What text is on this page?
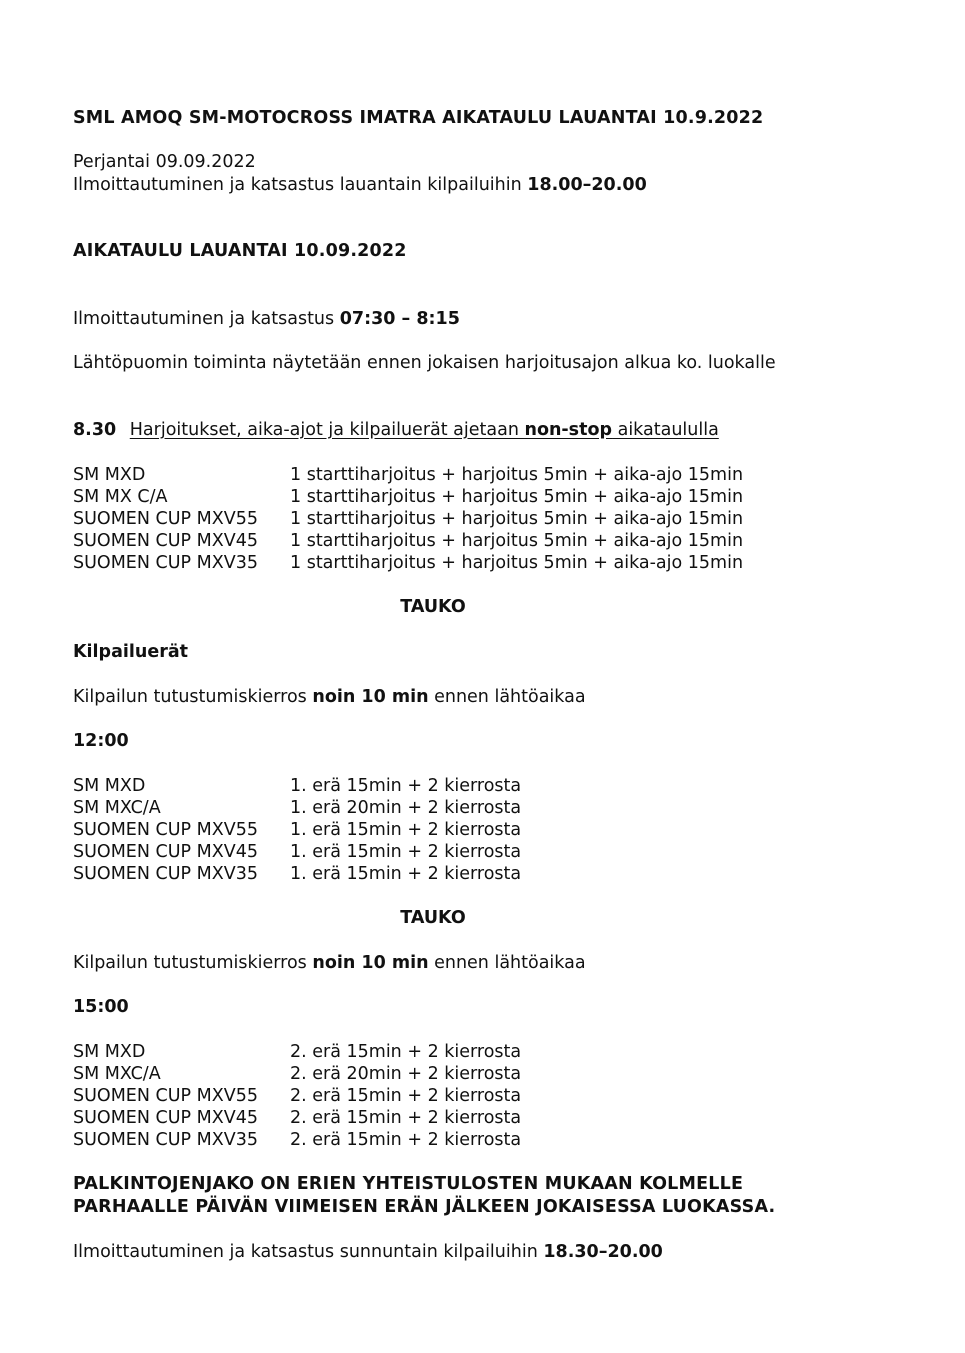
SML AMOQ SM-MOTOCROSS IMATRA AIKATAULU LAUANTAI 10.9.2022
Perjantai 09.09.2022
Ilmoittautuminen ja katsastus lauantain kilpailuihin 18.00–20.00
AIKATAULU LAUANTAI 10.09.2022
Ilmoittautuminen ja katsastus 07:30 – 8:15
Lähtöpuomin toiminta näytetään ennen jokaisen harjoitusajon alkua ko. luokalle
8.30 Harjoitukset, aika-ajot ja kilpailuerät ajetaan non-stop aikataululla
SM MXD	1 starttiharjoitus + harjoitus 5min + aika-ajo 15min
SM MX C/A	1 starttiharjoitus + harjoitus 5min + aika-ajo 15min
SUOMEN CUP MXV55 1 starttiharjoitus + harjoitus 5min + aika-ajo 15min
SUOMEN CUP MXV45 1 starttiharjoitus + harjoitus 5min + aika-ajo 15min
SUOMEN CUP MXV35 1 starttiharjoitus + harjoitus 5min + aika-ajo 15min
TAUKO
Kilpailuerät
Kilpailun tutustumiskierros noin 10 min ennen lähtöaikaa
12:00
SM MXD	1. erä 15min + 2 kierrosta
SM MXC/A	1. erä 20min + 2 kierrosta
SUOMEN CUP MXV55 1. erä 15min + 2 kierrosta
SUOMEN CUP MXV45 1. erä 15min + 2 kierrosta
SUOMEN CUP MXV35 1. erä 15min + 2 kierrosta
TAUKO
Kilpailun tutustumiskierros noin 10 min ennen lähtöaikaa
15:00
SM MXD	2. erä 15min + 2 kierrosta
SM MXC/A	2. erä 20min + 2 kierrosta
SUOMEN CUP MXV55 2. erä 15min + 2 kierrosta
SUOMEN CUP MXV45 2. erä 15min + 2 kierrosta
SUOMEN CUP MXV35 2. erä 15min + 2 kierrosta
PALKINTOJENJAKO ON ERIEN YHTEISTULOSTEN MUKAAN KOLMELLE
PARHAALLE PÄIVÄN VIIMEISEN ERÄN JÄLKEEN JOKAISESSA LUOKASSA.
Ilmoittautuminen ja katsastus sunnuntain kilpailuihin 18.30–20.00
